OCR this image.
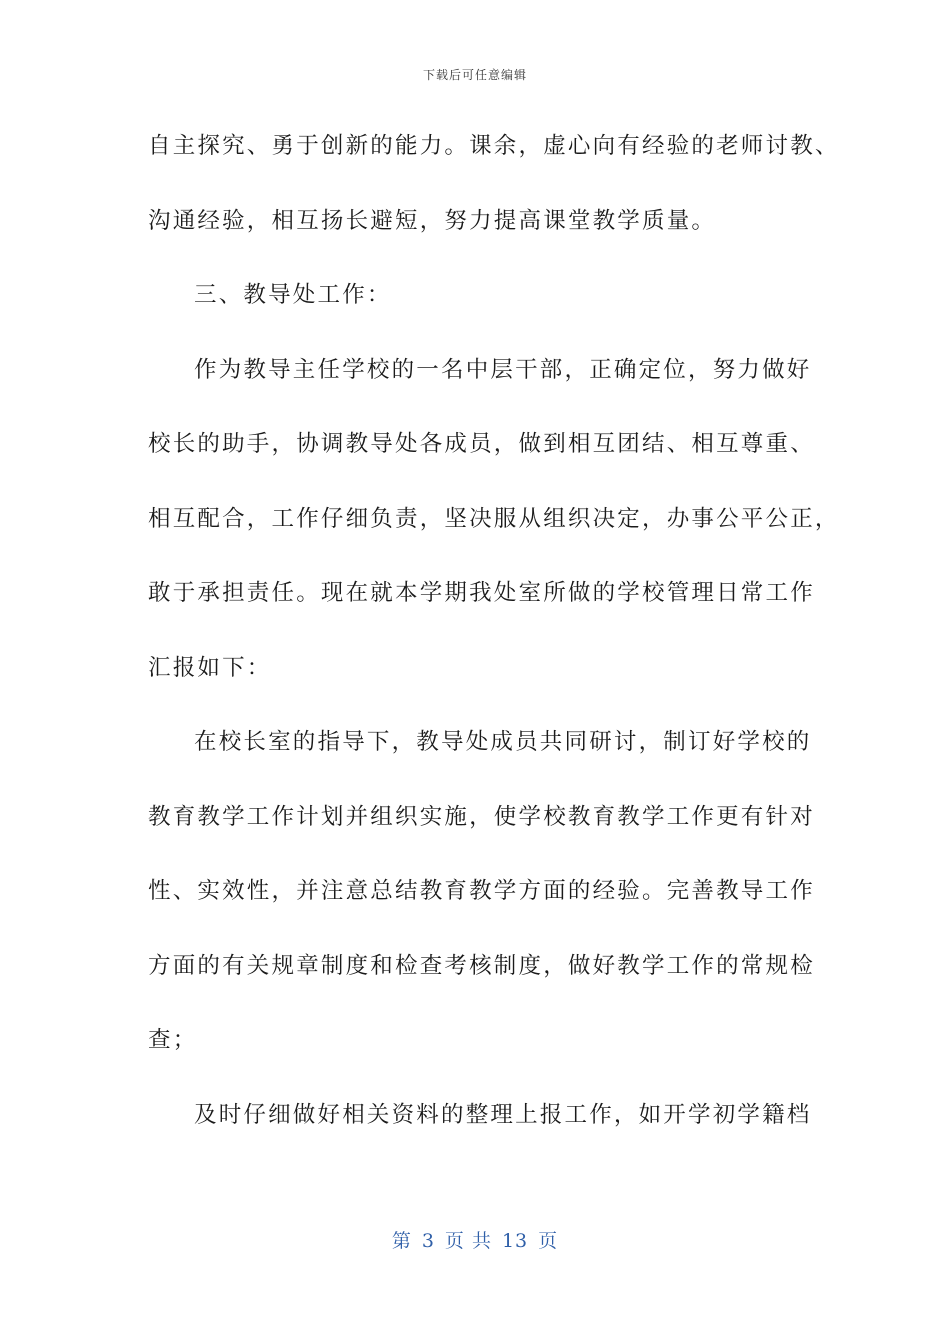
下载后可任意编辑
自主探究、勇于创新的能力。课余，虚心向有经验的老师讨教、
沟通经验，相互扬长避短，努力提高课堂教学质量。
三、教导处工作：
作为教导主任学校的一名中层干部，正确定位，努力做好
校长的助手，协调教导处各成员，做到相互团结、相互尊重、
相互配合，工作仔细负责，坚决服从组织决定，办事公平公正，
敢于承担责任。现在就本学期我处室所做的学校管理日常工作
汇报如下：
在校长室的指导下，教导处成员共同研讨，制订好学校的
教育教学工作计划并组织实施，使学校教育教学工作更有针对
性、实效性，并注意总结教育教学方面的经验。完善教导工作
方面的有关规章制度和检查考核制度，做好教学工作的常规检
查；
及时仔细做好相关资料的整理上报工作，如开学初学籍档
第 3 页 共 13 页
